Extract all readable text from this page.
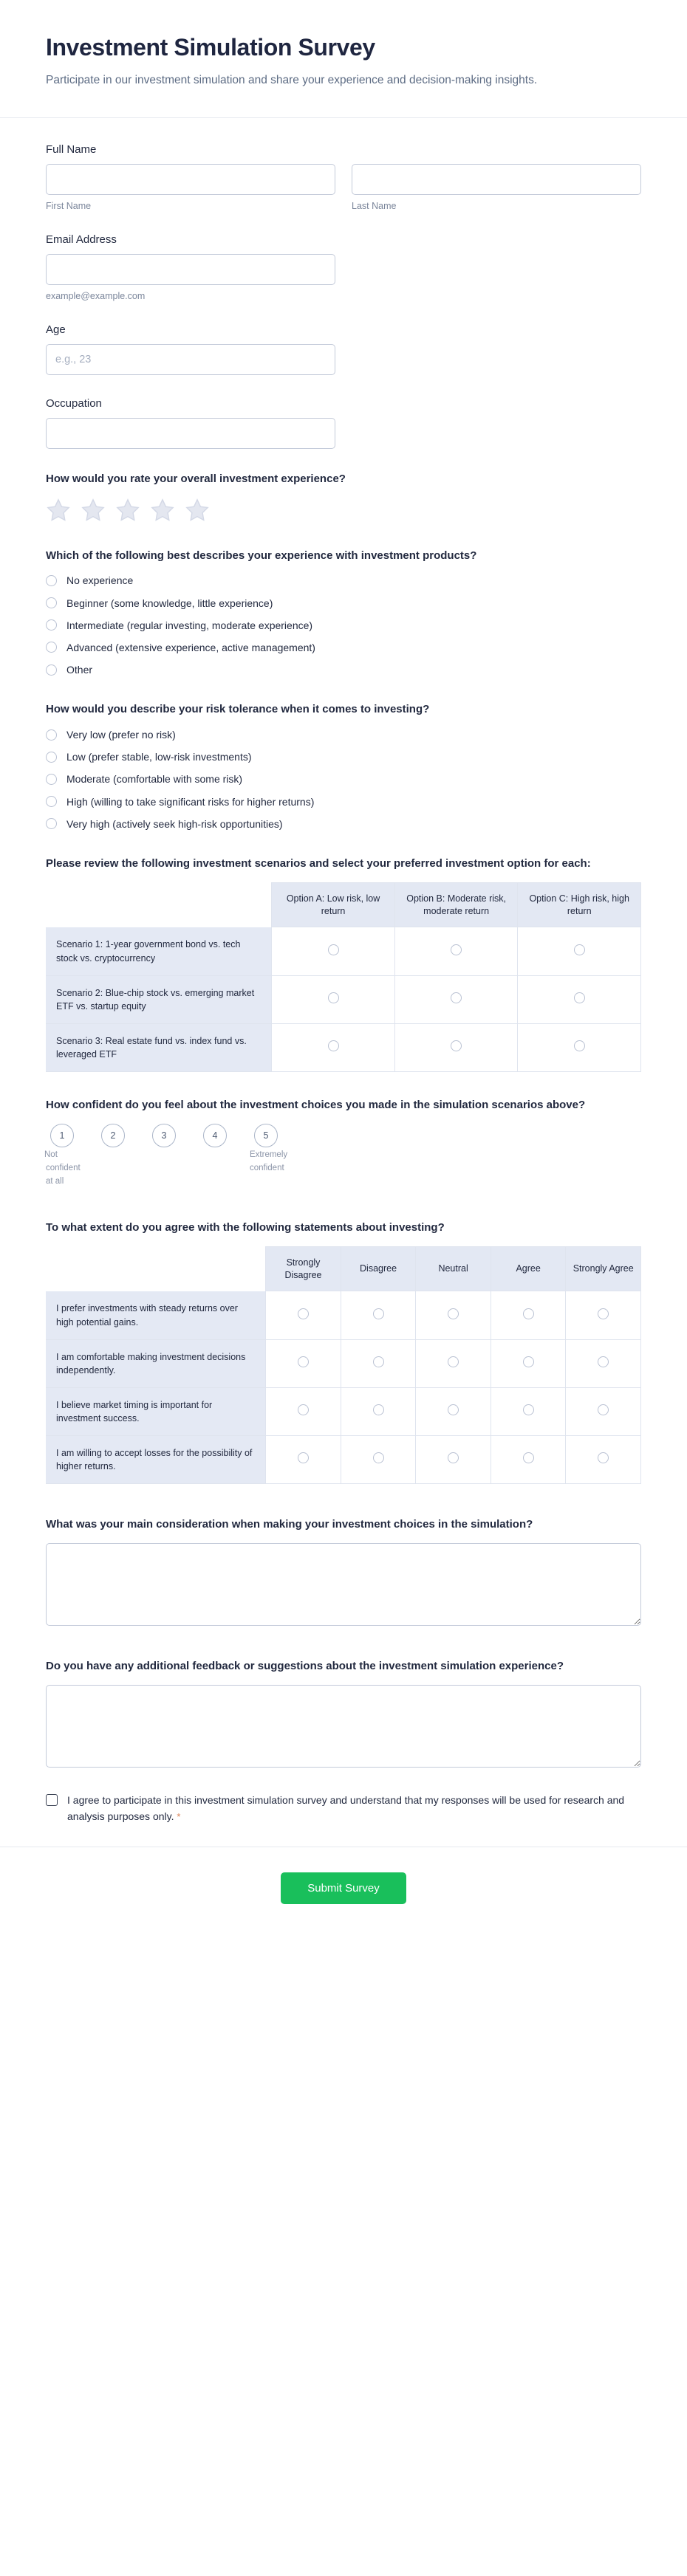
Investment Simulation Survey

Participate in our investment simulation and share your experience and decision-making insights.

Full Name
First Name	Last Name
Email Address
example@example.com
Age
e.g., 23
Occupation
How would you rate your overall investment experience?
Which of the following best describes your experience with investment products?
No experience
Beginner (some knowledge, little experience)
Intermediate (regular investing, moderate experience)
Advanced (extensive experience, active management)
Other
How would you describe your risk tolerance when it comes to investing?
Very low (prefer no risk)
Low (prefer stable, low-risk investments)
Moderate (comfortable with some risk)
High (willing to take significant risks for higher returns)
Very high (actively seek high-risk opportunities)
Please review the following investment scenarios and select your preferred investment option for each:
	Option A: Low risk, low return	Option B: Moderate risk, moderate return	Option C: High risk, high return
Scenario 1: 1-year government bond vs. tech stock vs. cryptocurrency			
Scenario 2: Blue-chip stock vs. emerging market ETF vs. startup equity			
Scenario 3: Real estate fund vs. index fund vs. leveraged ETF			
How confident do you feel about the investment choices you made in the simulation scenarios above?
1	2	3	4	5
Not confident at all
Extremely confident
To what extent do you agree with the following statements about investing?
	Strongly Disagree	Disagree	Neutral	Agree	Strongly Agree
I prefer investments with steady returns over high potential gains.					
I am comfortable making investment decisions independently.					
I believe market timing is important for investment success.					
I am willing to accept losses for the possibility of higher returns.					
What was your main consideration when making your investment choices in the simulation?
Do you have any additional feedback or suggestions about the investment simulation experience?
I agree to participate in this investment simulation survey and understand that my responses will be used for research and analysis purposes only. *
Submit Survey
